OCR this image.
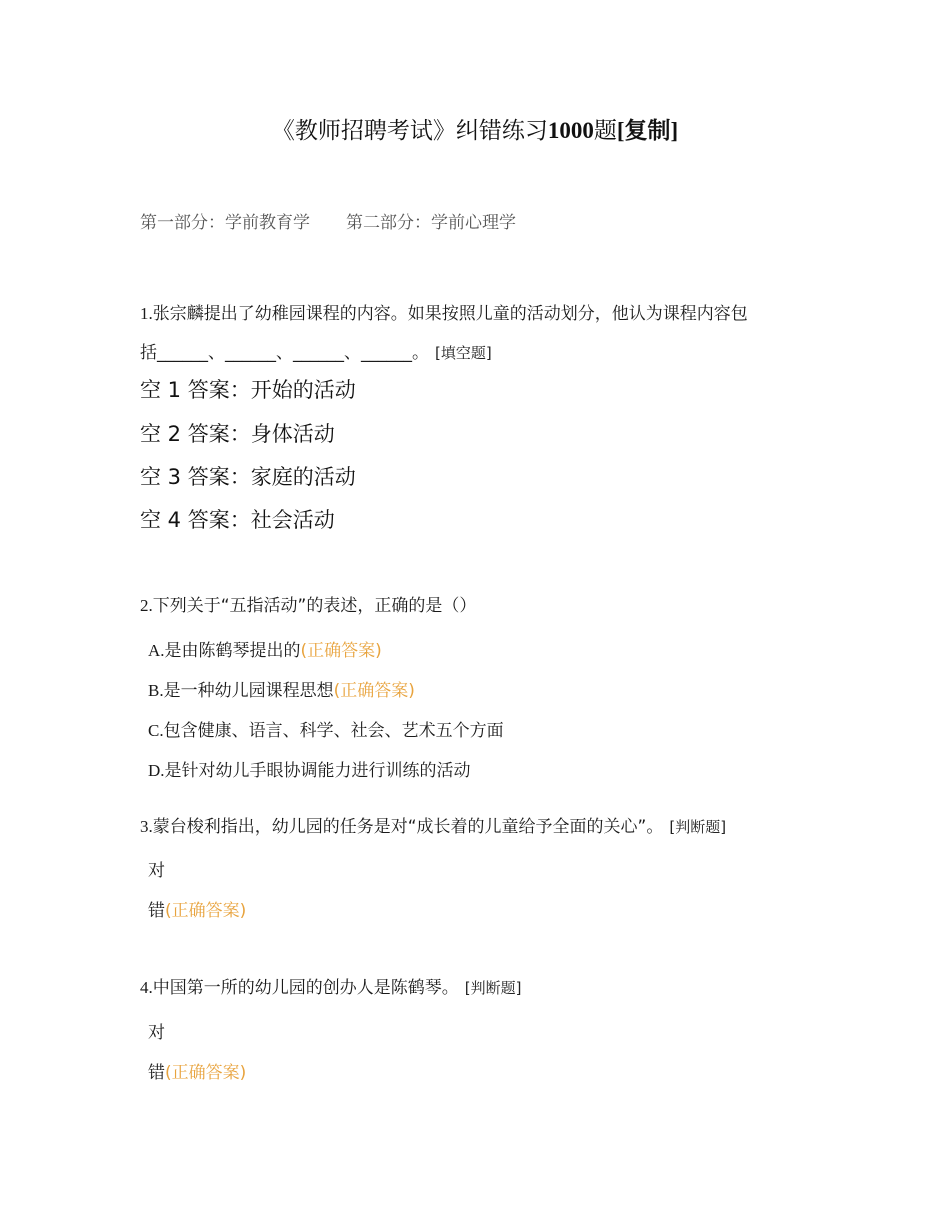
《教师招聘考试》纠错练习1000题[复制]
第一部分：学前教育学 第二部分：学前心理学
1.张宗麟提出了幼稚园课程的内容。如果按照儿童的活动划分，他认为课程内容包
括______、______、______、______。 [填空题]
空 1 答案：开始的活动
空 2 答案：身体活动
空 3 答案：家庭的活动
空 4 答案：社会活动
2.下列关于“五指活动”的表述，正确的是（）
A.是由陈鹤琴提出的(正确答案)
B.是一种幼儿园课程思想(正确答案)
C.包含健康、语言、科学、社会、艺术五个方面
D.是针对幼儿手眼协调能力进行训练的活动
3.蒙台梭利指出，幼儿园的任务是对“成长着的儿童给予全面的关心”。 [判断题]
对
错(正确答案)
4.中国第一所的幼儿园的创办人是陈鹤琴。 [判断题]
对
错(正确答案)
